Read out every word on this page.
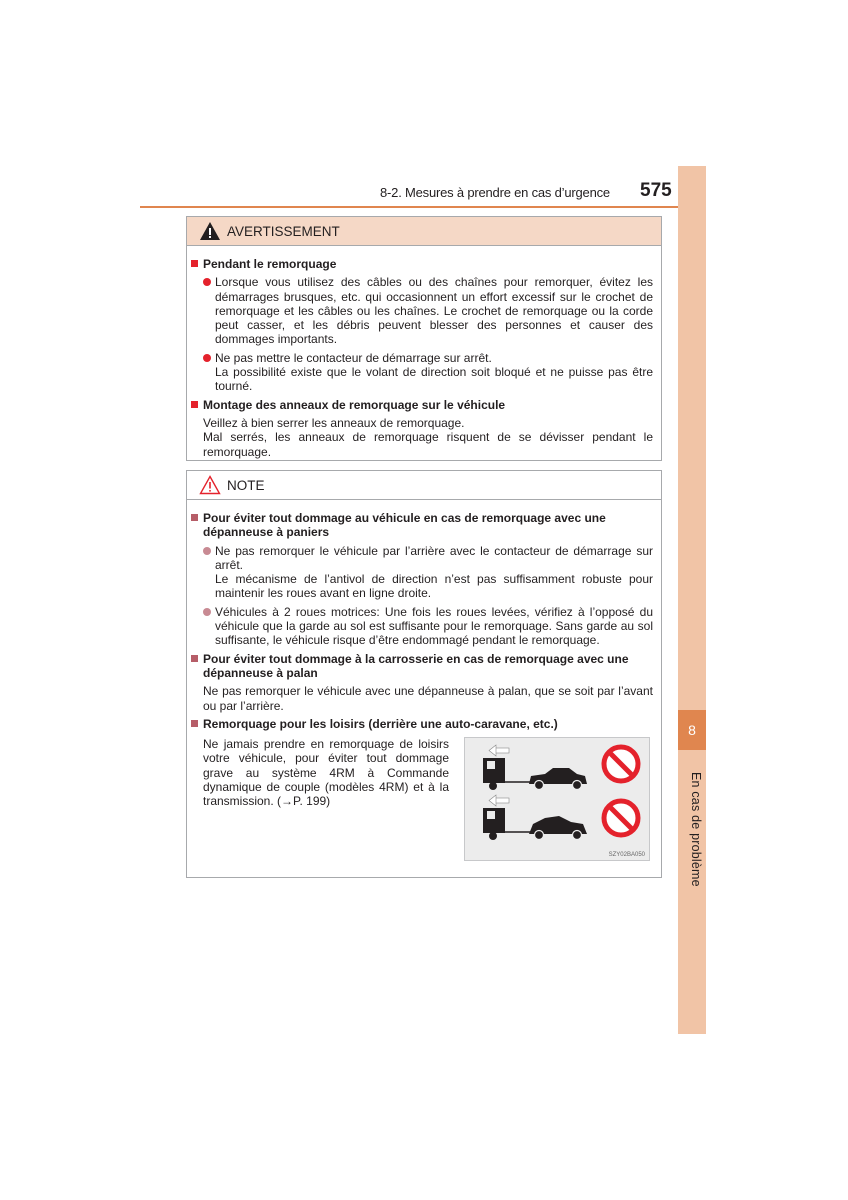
8
En cas de problème
8-2. Mesures à prendre en cas d’urgence 575
AVERTISSEMENT
Pendant le remorquage
Lorsque vous utilisez des câbles ou des chaînes pour remorquer, évitez les démarrages brusques, etc. qui occasionnent un effort excessif sur le crochet de remorquage et les câbles ou les chaînes. Le crochet de remorquage ou la corde peut casser, et les débris peuvent blesser des personnes et causer des dommages importants.
Ne pas mettre le contacteur de démarrage sur arrêt.
La possibilité existe que le volant de direction soit bloqué et ne puisse pas être tourné.
Montage des anneaux de remorquage sur le véhicule
Veillez à bien serrer les anneaux de remorquage.
Mal serrés, les anneaux de remorquage risquent de se dévisser pendant le remorquage.
NOTE
Pour éviter tout dommage au véhicule en cas de remorquage avec une dépanneuse à paniers
Ne pas remorquer le véhicule par l’arrière avec le contacteur de démarrage sur arrêt.
Le mécanisme de l’antivol de direction n’est pas suffisamment robuste pour maintenir les roues avant en ligne droite.
Véhicules à 2 roues motrices: Une fois les roues levées, vérifiez à l’opposé du véhicule que la garde au sol est suffisante pour le remorquage. Sans garde au sol suffisante, le véhicule risque d’être endommagé pendant le remorquage.
Pour éviter tout dommage à la carrosserie en cas de remorquage avec une dépanneuse à palan
Ne pas remorquer le véhicule avec une dépanneuse à palan, que se soit par l’avant ou par l’arrière.
Remorquage pour les loisirs (derrière une auto-caravane, etc.)
Ne jamais prendre en remorquage de loisirs votre véhicule, pour éviter tout dommage grave au système 4RM à Commande dynamique de couple (modèles 4RM) et à la transmission. (→P. 199)
SZY02BA050
